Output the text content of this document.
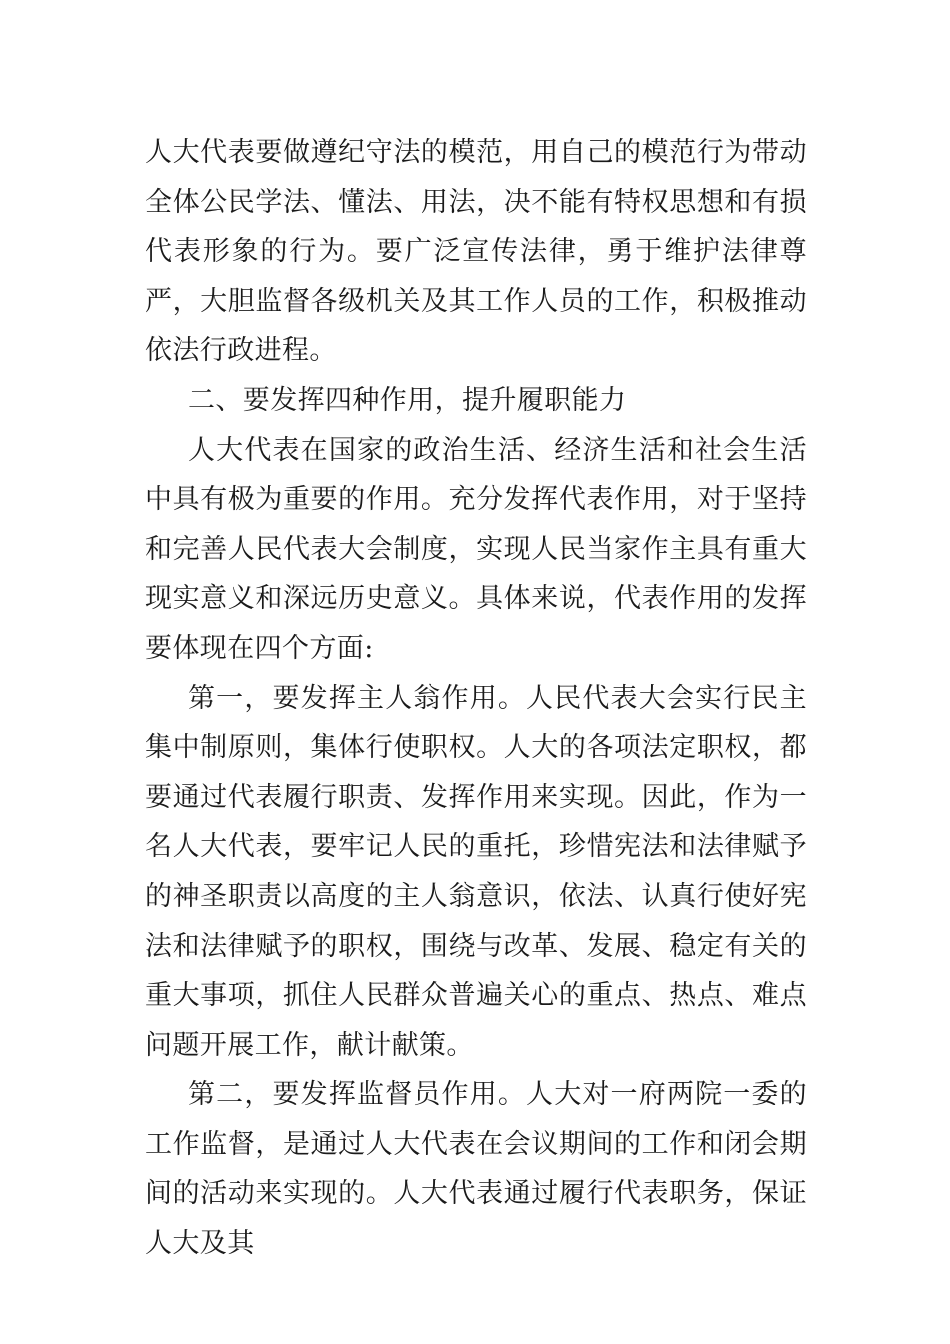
人大代表要做遵纪守法的模范，用自己的模范行为带动全体公民学法、懂法、用法，决不能有特权思想和有损代表形象的行为。要广泛宣传法律，勇于维护法律尊严，大胆监督各级机关及其工作人员的工作，积极推动依法行政进程。

二、要发挥四种作用，提升履职能力

人大代表在国家的政治生活、经济生活和社会生活中具有极为重要的作用。充分发挥代表作用，对于坚持和完善人民代表大会制度，实现人民当家作主具有重大现实意义和深远历史意义。具体来说，代表作用的发挥要体现在四个方面:

第一，要发挥主人翁作用。人民代表大会实行民主集中制原则，集体行使职权。人大的各项法定职权，都要通过代表履行职责、发挥作用来实现。因此，作为一名人大代表，要牢记人民的重托，珍惜宪法和法律赋予的神圣职责以高度的主人翁意识，依法、认真行使好宪法和法律赋予的职权，围绕与改革、发展、稳定有关的重大事项，抓住人民群众普遍关心的重点、热点、难点问题开展工作，献计献策。

第二，要发挥监督员作用。人大对一府两院一委的工作监督，是通过人大代表在会议期间的工作和闭会期间的活动来实现的。人大代表通过履行代表职务，保证人大及其
